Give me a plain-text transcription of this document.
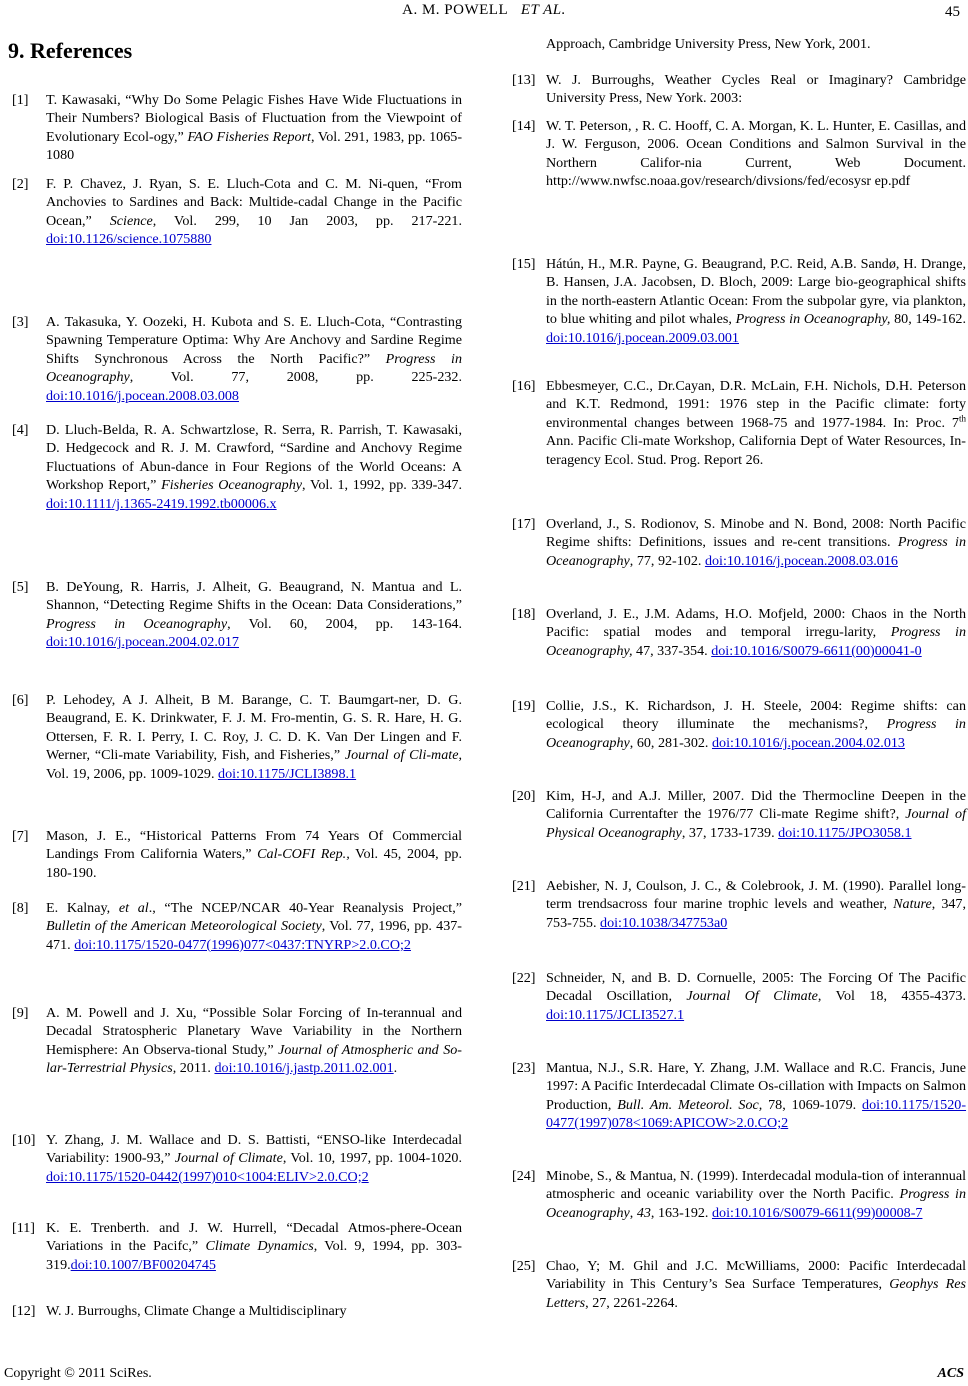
A. M. POWELL ET AL.	45
9. References
[1] T. Kawasaki, “Why Do Some Pelagic Fishes Have Wide Fluctuations in Their Numbers? Biological Basis of Fluctuation from the Viewpoint of Evolutionary Ecol-ogy,” FAO Fisheries Report, Vol. 291, 1983, pp. 1065-1080
[2] F. P. Chavez, J. Ryan, S. E. Lluch-Cota and C. M. Ni-quen, “From Anchovies to Sardines and Back: Multide-cadal Change in the Pacific Ocean,” Science, Vol. 299, 10 Jan 2003, pp. 217-221. doi:10.1126/science.1075880
[3] A. Takasuka, Y. Oozeki, H. Kubota and S. E. Lluch-Cota, “Contrasting Spawning Temperature Optima: Why Are Anchovy and Sardine Regime Shifts Synchronous Across the North Pacific?” Progress in Oceanography, Vol. 77, 2008, pp. 225-232. doi:10.1016/j.pocean.2008.03.008
[4] D. Lluch-Belda, R. A. Schwartzlose, R. Serra, R. Parrish, T. Kawasaki, D. Hedgecock and R. J. M. Crawford, “Sardine and Anchovy Regime Fluctuations of Abun-dance in Four Regions of the World Oceans: A Workshop Report,” Fisheries Oceanography, Vol. 1, 1992, pp. 339-347. doi:10.1111/j.1365-2419.1992.tb00006.x
[5] B. DeYoung, R. Harris, J. Alheit, G. Beaugrand, N. Mantua and L. Shannon, “Detecting Regime Shifts in the Ocean: Data Considerations,” Progress in Oceanography, Vol. 60, 2004, pp. 143-164. doi:10.1016/j.pocean.2004.02.017
[6] P. Lehodey, A J. Alheit, B M. Barange, C. T. Baumgart-ner, D. G. Beaugrand, E. K. Drinkwater, F. J. M. Fro-mentin, G. S. R. Hare, H. G. Ottersen, F. R. I. Perry, I. C. Roy, J. C. D. K. Van Der Lingen and F. Werner, “Cli-mate Variability, Fish, and Fisheries,” Journal of Cli-mate, Vol. 19, 2006, pp. 1009-1029. doi:10.1175/JCLI3898.1
[7] Mason, J. E., “Historical Patterns From 74 Years Of Commercial Landings From California Waters,” Cal-COFI Rep., Vol. 45, 2004, pp. 180-190.
[8] E. Kalnay, et al., “The NCEP/NCAR 40-Year Reanalysis Project,” Bulletin of the American Meteorological Society, Vol. 77, 1996, pp. 437-471. doi:10.1175/1520-0477(1996)077<0437:TNYRP>2.0.CO;2
[9] A. M. Powell and J. Xu, “Possible Solar Forcing of In-terannual and Decadal Stratospheric Planetary Wave Variability in the Northern Hemisphere: An Observa-tional Study,” Journal of Atmospheric and So-lar-Terrestrial Physics, 2011. doi:10.1016/j.jastp.2011.02.001.
[10] Y. Zhang, J. M. Wallace and D. S. Battisti, “ENSO-like Interdecadal Variability: 1900-93,” Journal of Climate, Vol. 10, 1997, pp. 1004-1020. doi:10.1175/1520-0442(1997)010<1004:ELIV>2.0.CO;2
[11] K. E. Trenberth. and J. W. Hurrell, “Decadal Atmos-phere-Ocean Variations in the Pacifc,” Climate Dynamics, Vol. 9, 1994, pp. 303-319.doi:10.1007/BF00204745
[12] W. J. Burroughs, Climate Change a Multidisciplinary
Approach, Cambridge University Press, New York, 2001.
[13] W. J. Burroughs, Weather Cycles Real or Imaginary? Cambridge University Press, New York. 2003:
[14] W. T. Peterson, , R. C. Hooff, C. A. Morgan, K. L. Hunter, E. Casillas, and J. W. Ferguson, 2006. Ocean Conditions and Salmon Survival in the Northern Califor-nia Current, Web Document. http://www.nwfsc.noaa.gov/research/divsions/fed/ecosysr ep.pdf
[15] Hátún, H., M.R. Payne, G. Beaugrand, P.C. Reid, A.B. Sandø, H. Drange, B. Hansen, J.A. Jacobsen, D. Bloch, 2009: Large bio-geographical shifts in the north-eastern Atlantic Ocean: From the subpolar gyre, via plankton, to blue whiting and pilot whales, Progress in Oceanography, 80, 149-162. doi:10.1016/j.pocean.2009.03.001
[16] Ebbesmeyer, C.C., Dr.Cayan, D.R. McLain, F.H. Nichols, D.H. Peterson and K.T. Redmond, 1991: 1976 step in the Pacific climate: forty environmental changes between 1968-75 and 1977-1984. In: Proc. 7th Ann. Pacific Cli-mate Workshop, California Dept of Water Resources, In-teragency Ecol. Stud. Prog. Report 26.
[17] Overland, J., S. Rodionov, S. Minobe and N. Bond, 2008: North Pacific Regime shifts: Definitions, issues and re-cent transitions. Progress in Oceanography, 77, 92-102. doi:10.1016/j.pocean.2008.03.016
[18] Overland, J. E., J.M. Adams, H.O. Mofjeld, 2000: Chaos in the North Pacific: spatial modes and temporal irregu-larity, Progress in Oceanography, 47, 337-354. doi:10.1016/S0079-6611(00)00041-0
[19] Collie, J.S., K. Richardson, J. H. Steele, 2004: Regime shifts: can ecological theory illuminate the mechanisms?, Progress in Oceanography, 60, 281-302. doi:10.1016/j.pocean.2004.02.013
[20] Kim, H-J, and A.J. Miller, 2007. Did the Thermocline Deepen in the California Currentafter the 1976/77 Cli-mate Regime shift?, Journal of Physical Oceanography, 37, 1733-1739. doi:10.1175/JPO3058.1
[21] Aebisher, N. J, Coulson, J. C., & Colebrook, J. M. (1990). Parallel long-term trendsacross four marine trophic levels and weather, Nature, 347, 753-755. doi:10.1038/347753a0
[22] Schneider, N, and B. D. Cornuelle, 2005: The Forcing Of The Pacific Decadal Oscillation, Journal Of Climate, Vol 18, 4355-4373. doi:10.1175/JCLI3527.1
[23] Mantua, N.J., S.R. Hare, Y. Zhang, J.M. Wallace and R.C. Francis, June 1997: A Pacific Interdecadal Climate Os-cillation with Impacts on Salmon Production, Bull. Am. Meteorol. Soc, 78, 1069-1079. doi:10.1175/1520-0477(1997)078<1069:APICOW>2.0.CO;2
[24] Minobe, S., & Mantua, N. (1999). Interdecadal modula-tion of interannual atmospheric and oceanic variability over the North Pacific. Progress in Oceanography, 43, 163-192. doi:10.1016/S0079-6611(99)00008-7
[25] Chao, Y; M. Ghil and J.C. McWilliams, 2000: Pacific Interdecadal Variability in This Century’s Sea Surface Temperatures, Geophys Res Letters, 27, 2261-2264.
Copyright © 2011 SciRes.	ACS
